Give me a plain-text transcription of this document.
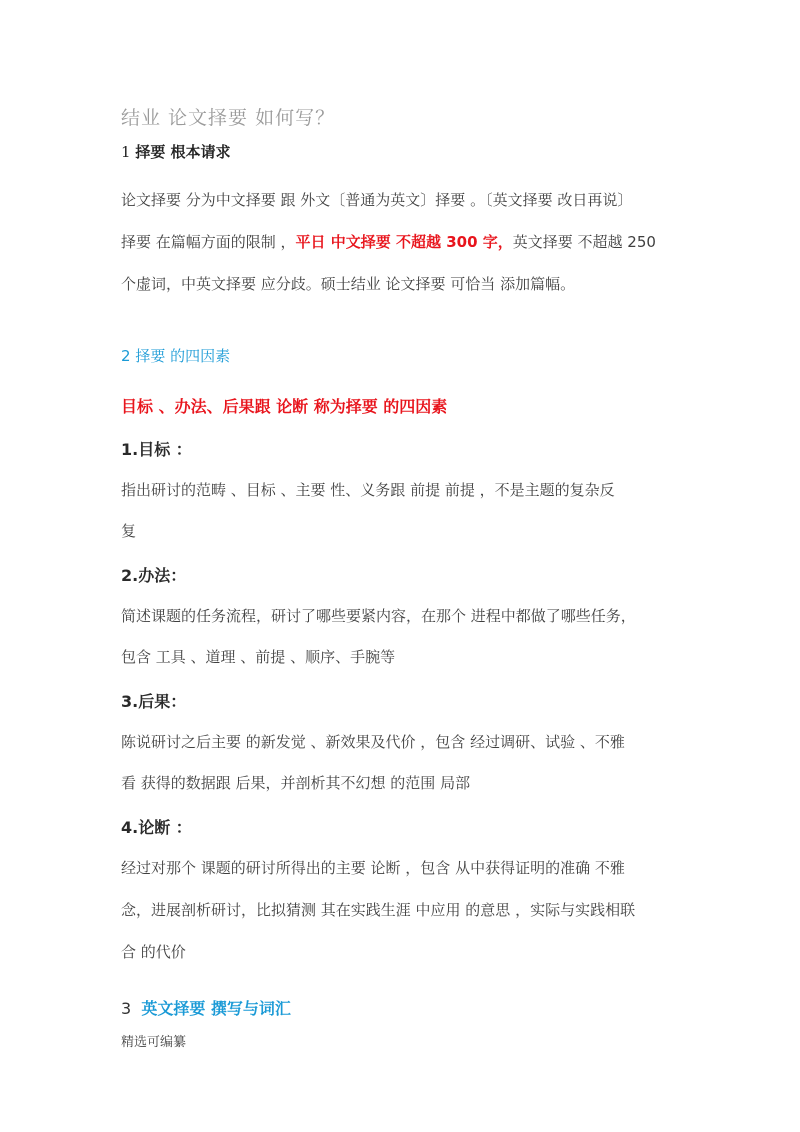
结业 论文择要 如何写？
1 择要 根本请求
论文择要 分为中文择要 跟 外文〔普通为英文〕择要 。〔英文择要 改日再说〕
择要 在篇幅方面的限制 ，平日 中文择要 不超越 300 字，英文择要 不超越 250
个虚词，中英文择要 应分歧。硕士结业 论文择要 可恰当 添加篇幅。
2 择要 的四因素
目标 、办法、后果跟 论断 称为择要 的四因素
1.目标 ：
指出研讨的范畴 、目标 、主要 性、义务跟 前提 前提 ，不是主题的复杂反
复
2.办法：
简述课题的任务流程，研讨了哪些要紧内容，在那个 进程中都做了哪些任务，
包含 工具 、道理 、前提 、顺序、手腕等
3.后果：
陈说研讨之后主要 的新发觉 、新效果及代价 ，包含 经过调研、试验 、不雅
看 获得的数据跟 后果，并剖析其不幻想 的范围 局部
4.论断 ：
经过对那个 课题的研讨所得出的主要 论断 ，包含 从中获得证明的准确 不雅
念，进展剖析研讨，比拟猜测 其在实践生涯 中应用 的意思 ，实际与实践相联
合 的代价
3 英文择要 撰写与词汇
精选可编纂
